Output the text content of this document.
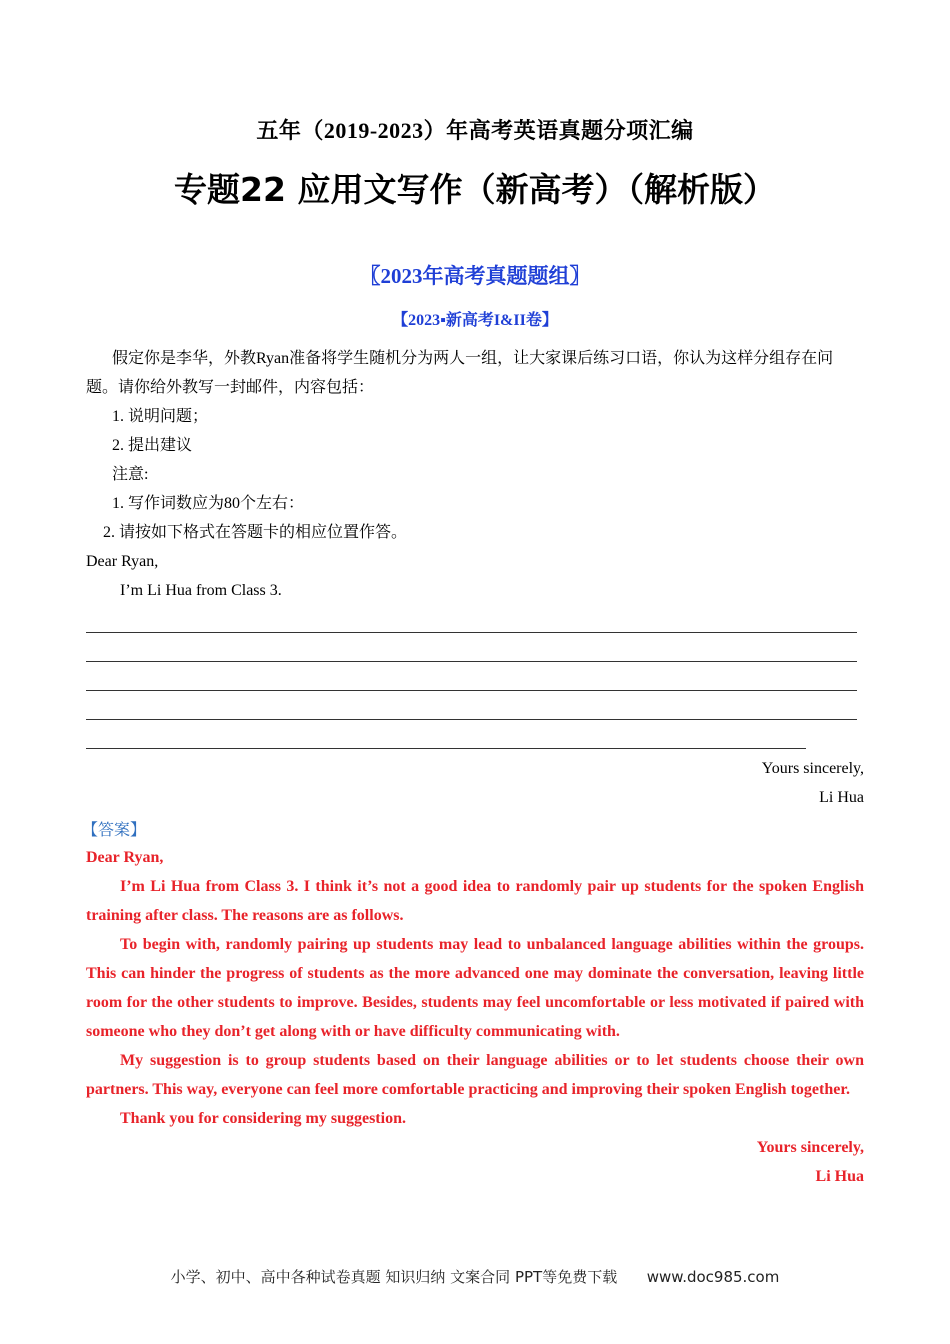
五年（2019-2023）年高考英语真题分项汇编
专题22 应用文写作（新高考）（解析版）
〖2023年高考真题题组〗
【2023▪新高考I&II卷】

假定你是李华，外教Ryan准备将学生随机分为两人一组，让大家课后练习口语，你认为这样分组存在问题。请你给外教写一封邮件，内容包括：

1. 说明问题；

2. 提出建议

注意:

1. 写作词数应为80个左右：

2. 请按如下格式在答题卡的相应位置作答。

Dear Ryan,

I’m Li Hua from Class 3.

Yours sincerely,
Li Hua
【答案】

Dear Ryan,

I’m Li Hua from Class 3. I think it’s not a good idea to randomly pair up students for the spoken English training after class. The reasons are as follows.

To begin with, randomly pairing up students may lead to unbalanced language abilities within the groups. This can hinder the progress of students as the more advanced one may dominate the conversation, leaving little room for the other students to improve. Besides, students may feel uncomfortable or less motivated if paired with someone who they don’t get along with or have difficulty communicating with.

My suggestion is to group students based on their language abilities or to let students choose their own partners. This way, everyone can feel more comfortable practicing and improving their spoken English together.

Thank you for considering my suggestion.

Yours sincerely,

Li Hua

小学、初中、高中各种试卷真题 知识归纳 文案合同 PPT等免费下载 www.doc985.com
